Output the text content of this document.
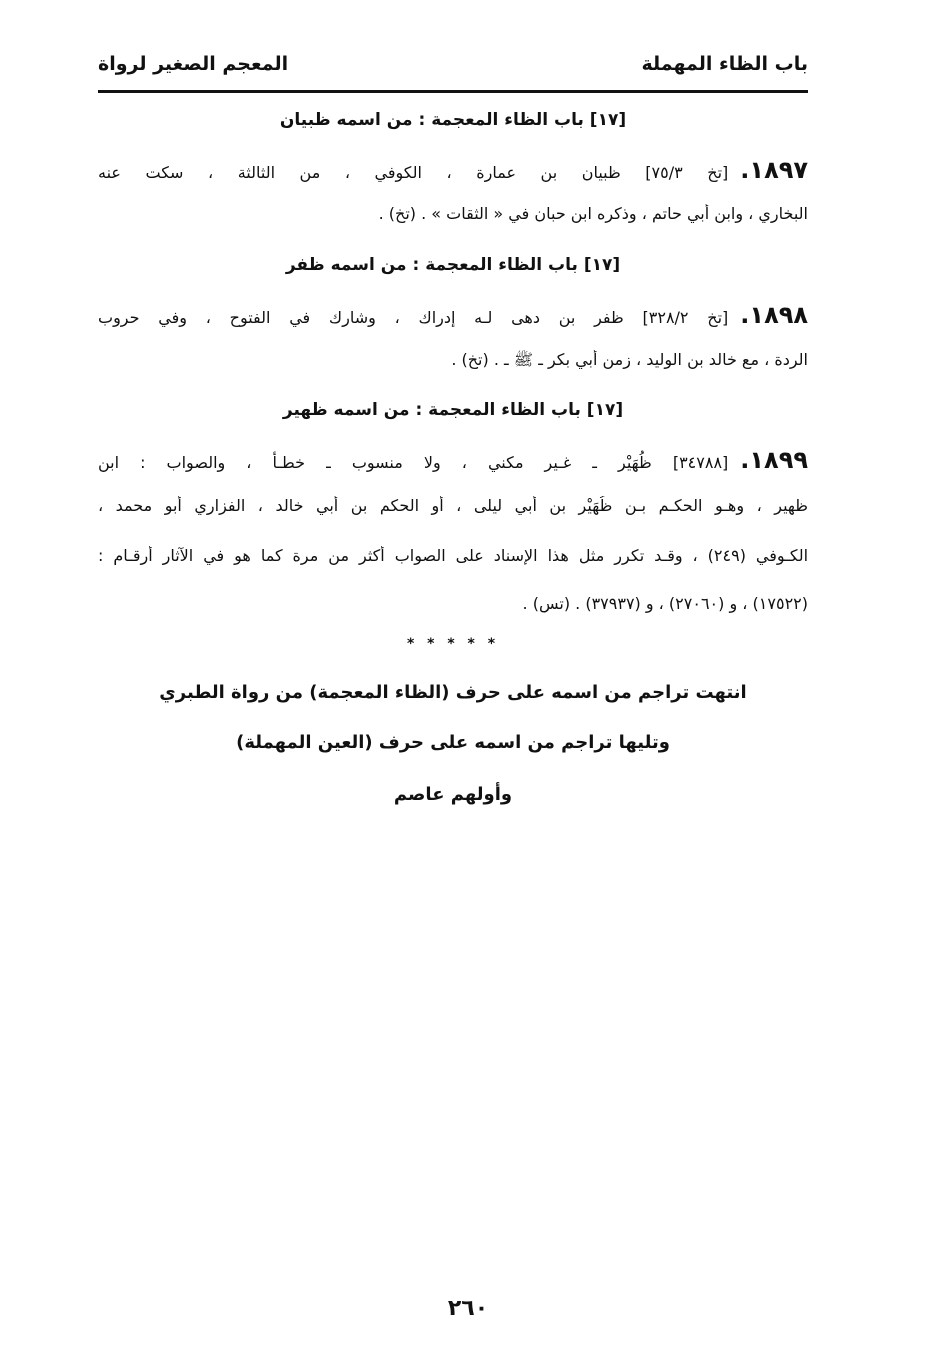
باب الظاء المهملة
المعجم الصغير لرواة
[١٧] باب الظاء المعجمة : من اسمه ظبيان
١٨٩٧.[تخ ٧٥/٣] ظبيان بن عمارة ، الكوفي ، من الثالثة ، سكت عنه
البخاري ، وابن أبي حاتم ، وذكره ابن حبان في « الثقات » . (تخ) .
[١٧] باب الظاء المعجمة : من اسمه ظفر
١٨٩٨.[تخ ٣٢٨/٢] ظفر بن دهى لـه إدراك ، وشارك في الفتوح ، وفي حروب
الردة ، مع خالد بن الوليد ، زمن أبي بكر ـ ﷺ ـ . (تخ) .
[١٧] باب الظاء المعجمة : من اسمه ظهير
١٨٩٩.[٣٤٧٨٨] ظُهَيْر ـ غـير مكني ، ولا منسوب ـ خطـأ ، والصواب : ابن
ظهير ، وهـو الحكـم بـن ظُهَيْر بن أبي ليلى ، أو الحكم بن أبي خالد ، الفزاري أبو محمد ،
الكـوفي (٢٤٩) ، وقـد تكرر مثل هذا الإسناد على الصواب أكثر من مرة كما هو في الآثار أرقـام :
(١٧٥٢٢) ، و (٢٧٠٦٠) ، و (٣٧٩٣٧) . (تس) .
* * * * *
انتهت تراجم من اسمه على حرف (الظاء المعجمة) من رواة الطبري
وتليها تراجم من اسمه على حرف (العين المهملة)
وأولهم عاصم
٢٦٠
